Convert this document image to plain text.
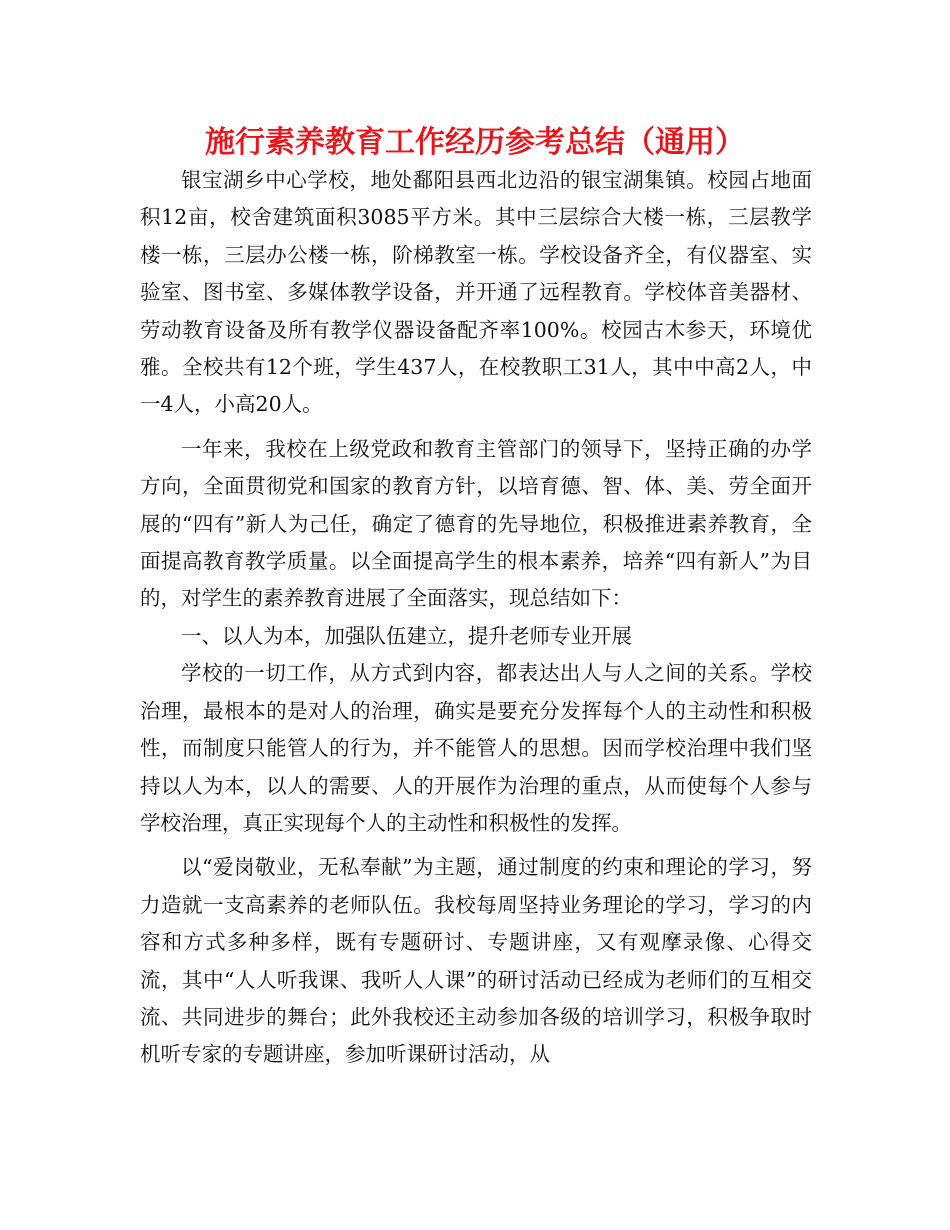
施行素养教育工作经历参考总结（通用）

银宝湖乡中心学校，地处鄱阳县西北边沿的银宝湖集镇。校园占地面积12亩，校舍建筑面积3085平方米。其中三层综合大楼一栋，三层教学楼一栋，三层办公楼一栋，阶梯教室一栋。学校设备齐全，有仪器室、实验室、图书室、多媒体教学设备，并开通了远程教育。学校体音美器材、劳动教育设备及所有教学仪器设备配齐率100%。校园古木参天，环境优雅。全校共有12个班，学生437人，在校教职工31人，其中中高2人，中一4人，小高20人。

一年来，我校在上级党政和教育主管部门的领导下，坚持正确的办学方向，全面贯彻党和国家的教育方针，以培育德、智、体、美、劳全面开展的“四有”新人为己任，确定了德育的先导地位，积极推进素养教育，全面提高教育教学质量。以全面提高学生的根本素养，培养“四有新人”为目的，对学生的素养教育进展了全面落实，现总结如下：

一、以人为本，加强队伍建立，提升老师专业开展

学校的一切工作，从方式到内容，都表达出人与人之间的关系。学校治理，最根本的是对人的治理，确实是要充分发挥每个人的主动性和积极性，而制度只能管人的行为，并不能管人的思想。因而学校治理中我们坚持以人为本，以人的需要、人的开展作为治理的重点，从而使每个人参与学校治理，真正实现每个人的主动性和积极性的发挥。

以“爱岗敬业，无私奉献”为主题，通过制度的约束和理论的学习，努力造就一支高素养的老师队伍。我校每周坚持业务理论的学习，学习的内容和方式多种多样，既有专题研讨、专题讲座，又有观摩录像、心得交流，其中“人人听我课、我听人人课”的研讨活动已经成为老师们的互相交流、共同进步的舞台；此外我校还主动参加各级的培训学习，积极争取时机听专家的专题讲座，参加听课研讨活动，从
